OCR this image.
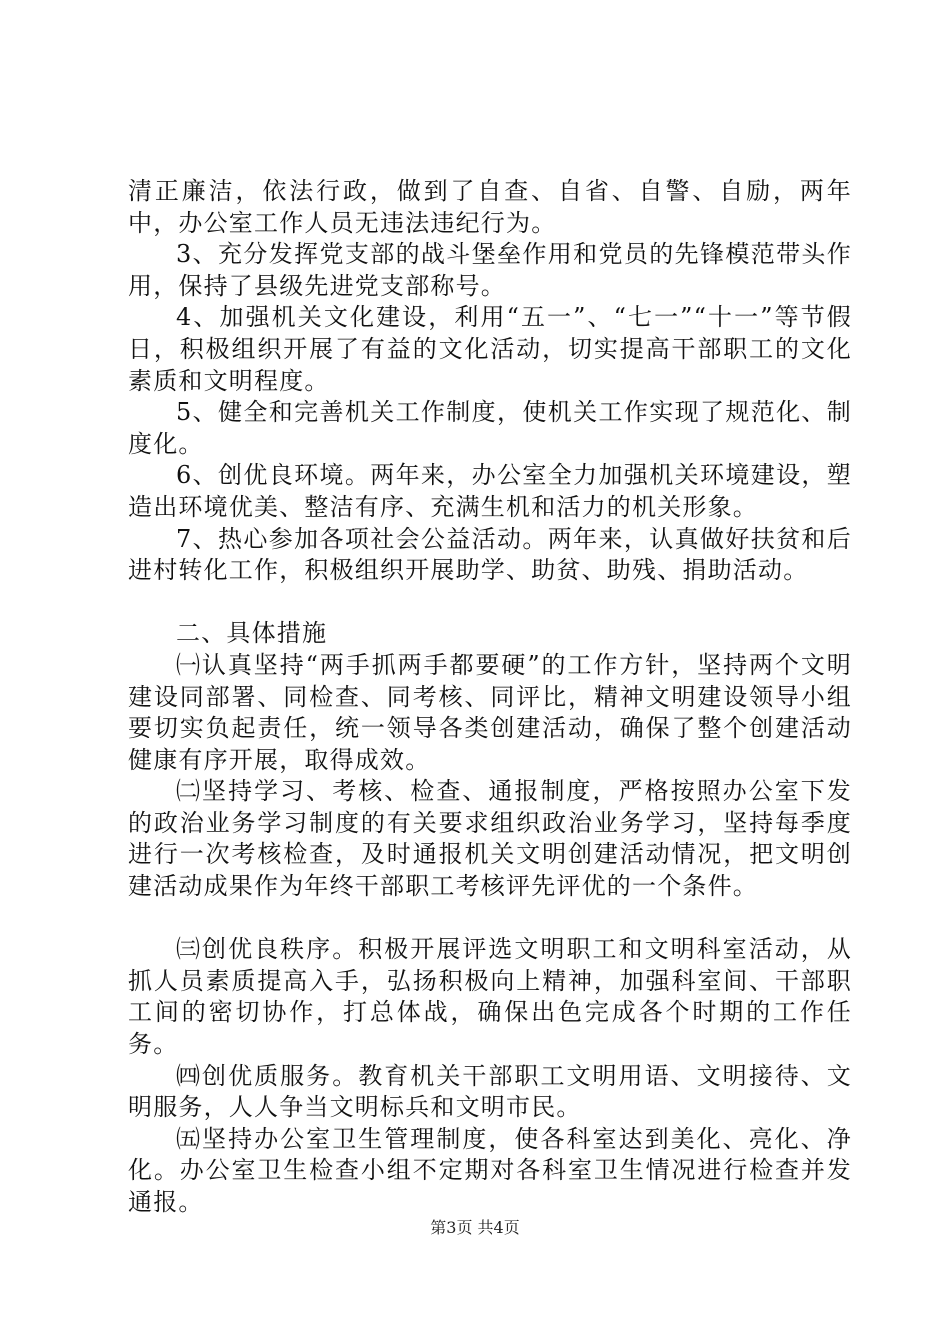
清正廉洁，依法行政，做到了自查、自省、自警、自励，两年中，办公室工作人员无违法违纪行为。

3、充分发挥党支部的战斗堡垒作用和党员的先锋模范带头作用，保持了县级先进党支部称号。

4、加强机关文化建设，利用“五一”、“七一”“十一”等节假日，积极组织开展了有益的文化活动，切实提高干部职工的文化素质和文明程度。

5、健全和完善机关工作制度，使机关工作实现了规范化、制度化。

6、创优良环境。两年来，办公室全力加强机关环境建设，塑造出环境优美、整洁有序、充满生机和活力的机关形象。

7、热心参加各项社会公益活动。两年来，认真做好扶贫和后进村转化工作，积极组织开展助学、助贫、助残、捐助活动。

二、具体措施

㈠认真坚持“两手抓两手都要硬”的工作方针，坚持两个文明建设同部署、同检查、同考核、同评比，精神文明建设领导小组要切实负起责任，统一领导各类创建活动，确保了整个创建活动健康有序开展，取得成效。

㈡坚持学习、考核、检查、通报制度，严格按照办公室下发的政治业务学习制度的有关要求组织政治业务学习，坚持每季度进行一次考核检查，及时通报机关文明创建活动情况，把文明创建活动成果作为年终干部职工考核评先评优的一个条件。

㈢创优良秩序。积极开展评选文明职工和文明科室活动，从抓人员素质提高入手，弘扬积极向上精神，加强科室间、干部职工间的密切协作，打总体战，确保出色完成各个时期的工作任务。

㈣创优质服务。教育机关干部职工文明用语、文明接待、文明服务，人人争当文明标兵和文明市民。

㈤坚持办公室卫生管理制度，使各科室达到美化、亮化、净化。办公室卫生检查小组不定期对各科室卫生情况进行检查并发通报。

第3页 共4页
